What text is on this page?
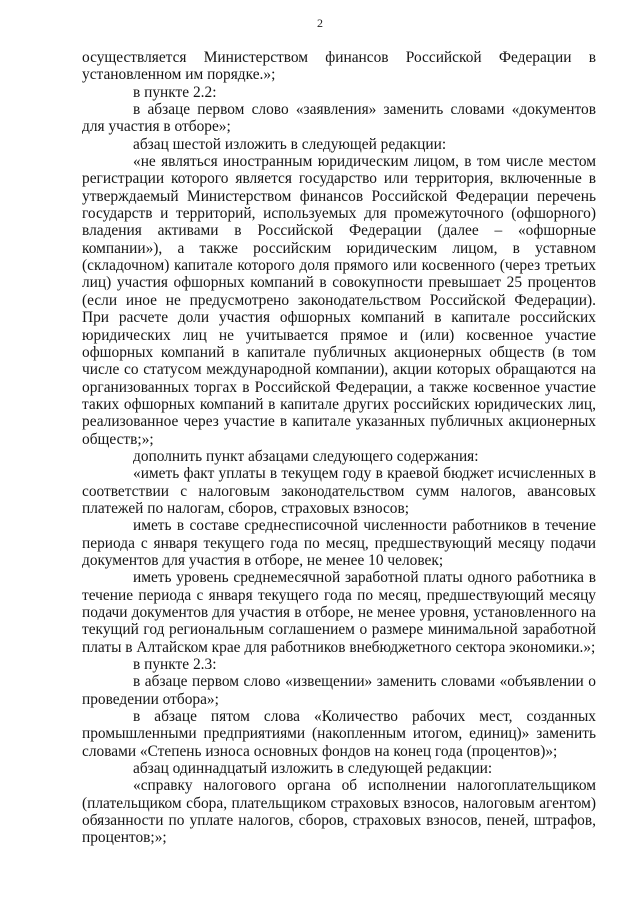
2

осуществляется Министерством финансов Российской Федерации в установленном им порядке.»;

в пункте 2.2:

в абзаце первом слово «заявления» заменить словами «документов для участия в отборе»;

абзац шестой изложить в следующей редакции:

«не являться иностранным юридическим лицом, в том числе местом регистрации которого является государство или территория, включенные в утверждаемый Министерством финансов Российской Федерации перечень государств и территорий, используемых для промежуточного (офшорного) владения активами в Российской Федерации (далее – «офшорные компании»), а также российским юридическим лицом, в уставном (складочном) капитале которого доля прямого или косвенного (через третьих лиц) участия офшорных компаний в совокупности превышает 25 процентов (если иное не предусмотрено законодательством Российской Федерации). При расчете доли участия офшорных компаний в капитале российских юридических лиц не учитывается прямое и (или) косвенное участие офшорных компаний в капитале публичных акционерных обществ (в том числе со статусом международной компании), акции которых обращаются на организованных торгах в Российской Федерации, а также косвенное участие таких офшорных компаний в капитале других российских юридических лиц, реализованное через участие в капитале указанных публичных акционерных обществ;»;

дополнить пункт абзацами следующего содержания:

«иметь факт уплаты в текущем году в краевой бюджет исчисленных в соответствии с налоговым законодательством сумм налогов, авансовых платежей по налогам, сборов, страховых взносов;

иметь в составе среднесписочной численности работников в течение периода с января текущего года по месяц, предшествующий месяцу подачи документов для участия в отборе, не менее 10 человек;

иметь уровень среднемесячной заработной платы одного работника в течение периода с января текущего года по месяц, предшествующий месяцу подачи документов для участия в отборе, не менее уровня, установленного на текущий год региональным соглашением о размере минимальной заработной платы в Алтайском крае для работников внебюджетного сектора экономики.»;

в пункте 2.3:

в абзаце первом слово «извещении» заменить словами «объявлении о проведении отбора»;

в абзаце пятом слова «Количество рабочих мест, созданных промышленными предприятиями (накопленным итогом, единиц)» заменить словами «Степень износа основных фондов на конец года (процентов)»;

абзац одиннадцатый изложить в следующей редакции:

«справку налогового органа об исполнении налогоплательщиком (плательщиком сбора, плательщиком страховых взносов, налоговым агентом) обязанности по уплате налогов, сборов, страховых взносов, пеней, штрафов, процентов;»;
